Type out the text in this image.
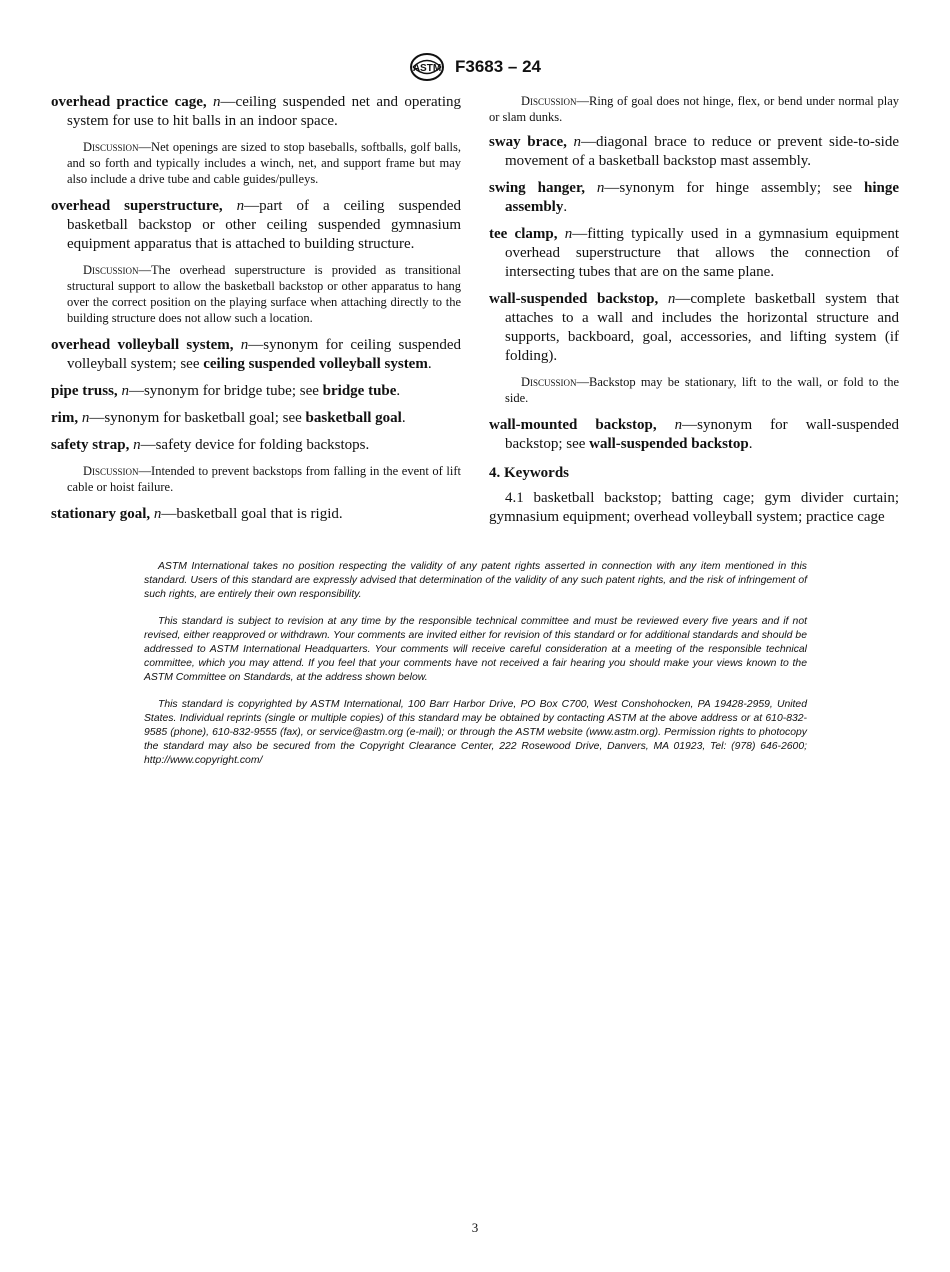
ASTM F3683 – 24

overhead practice cage, n—ceiling suspended net and operating system for use to hit balls in an indoor space.

Discussion—Net openings are sized to stop baseballs, softballs, golf balls, and so forth and typically includes a winch, net, and support frame but may also include a drive tube and cable guides/pulleys.

overhead superstructure, n—part of a ceiling suspended basketball backstop or other ceiling suspended gymnasium equipment apparatus that is attached to building structure.

Discussion—The overhead superstructure is provided as transitional structural support to allow the basketball backstop or other apparatus to hang over the correct position on the playing surface when attaching directly to the building structure does not allow such a location.

overhead volleyball system, n—synonym for ceiling suspended volleyball system; see ceiling suspended volleyball system.

pipe truss, n—synonym for bridge tube; see bridge tube.

rim, n—synonym for basketball goal; see basketball goal.

safety strap, n—safety device for folding backstops.

Discussion—Intended to prevent backstops from falling in the event of lift cable or hoist failure.

stationary goal, n—basketball goal that is rigid.

Discussion—Ring of goal does not hinge, flex, or bend under normal play or slam dunks.

sway brace, n—diagonal brace to reduce or prevent side-to-side movement of a basketball backstop mast assembly.

swing hanger, n—synonym for hinge assembly; see hinge assembly.

tee clamp, n—fitting typically used in a gymnasium equipment overhead superstructure that allows the connection of intersecting tubes that are on the same plane.

wall-suspended backstop, n—complete basketball system that attaches to a wall and includes the horizontal structure and supports, backboard, goal, accessories, and lifting system (if folding).

Discussion—Backstop may be stationary, lift to the wall, or fold to the side.

wall-mounted backstop, n—synonym for wall-suspended backstop; see wall-suspended backstop.

4. Keywords

4.1 basketball backstop; batting cage; gym divider curtain; gymnasium equipment; overhead volleyball system; practice cage

ASTM International takes no position respecting the validity of any patent rights asserted in connection with any item mentioned in this standard. Users of this standard are expressly advised that determination of the validity of any such patent rights, and the risk of infringement of such rights, are entirely their own responsibility.

This standard is subject to revision at any time by the responsible technical committee and must be reviewed every five years and if not revised, either reapproved or withdrawn. Your comments are invited either for revision of this standard or for additional standards and should be addressed to ASTM International Headquarters. Your comments will receive careful consideration at a meeting of the responsible technical committee, which you may attend. If you feel that your comments have not received a fair hearing you should make your views known to the ASTM Committee on Standards, at the address shown below.

This standard is copyrighted by ASTM International, 100 Barr Harbor Drive, PO Box C700, West Conshohocken, PA 19428-2959, United States. Individual reprints (single or multiple copies) of this standard may be obtained by contacting ASTM at the above address or at 610-832-9585 (phone), 610-832-9555 (fax), or service@astm.org (e-mail); or through the ASTM website (www.astm.org). Permission rights to photocopy the standard may also be secured from the Copyright Clearance Center, 222 Rosewood Drive, Danvers, MA 01923, Tel: (978) 646-2600; http://www.copyright.com/

3
